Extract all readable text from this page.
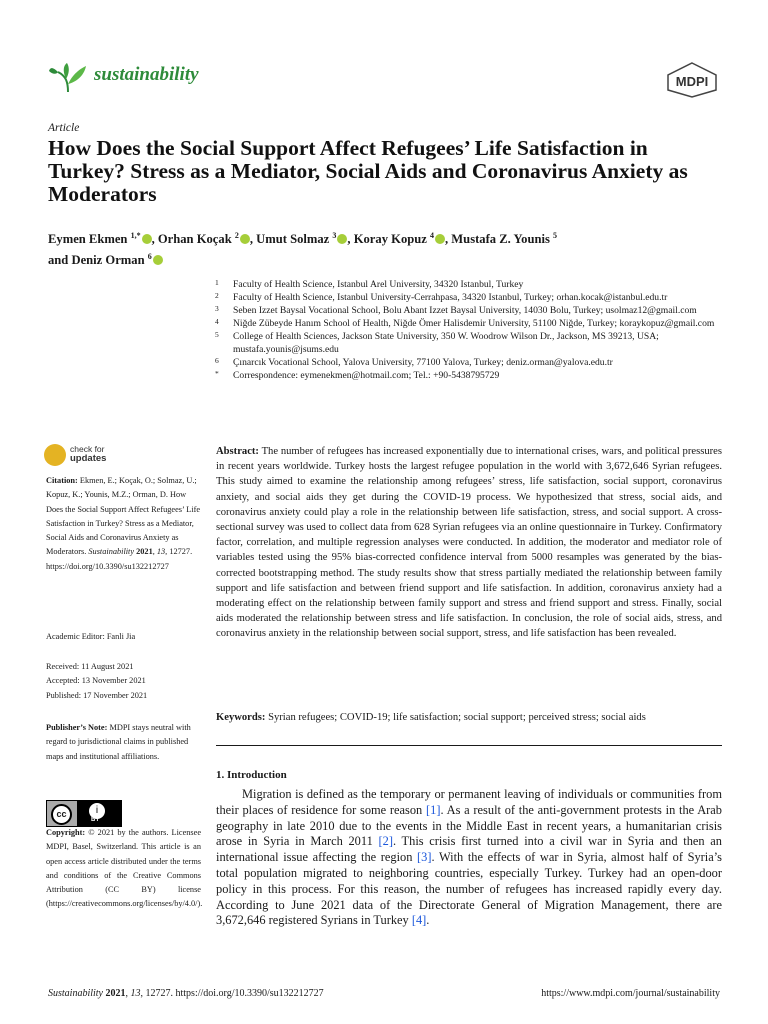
sustainability	MDPI
Article
How Does the Social Support Affect Refugees’ Life Satisfaction in Turkey? Stress as a Mediator, Social Aids and Coronavirus Anxiety as Moderators
Eymen Ekmen $^{1,*}$ , Orhan Koçak $^2$ , Umut Solmaz $^3$ , Koray Kopuz $^4$ , Mustafa Z. Younis $^5$
and Deniz Orman $^6$
1 Faculty of Health Science, Istanbul Arel University, 34320 Istanbul, Turkey
2 Faculty of Health Science, Istanbul University-Cerrahpasa, 34320 Istanbul, Turkey; orhan.kocak@istanbul.edu.tr
3 Seben Izzet Baysal Vocational School, Bolu Abant Izzet Baysal University, 14030 Bolu, Turkey; usolmaz12@gmail.com
4 Niğde Zübeyde Hanım School of Health, Niğde Ömer Halisdemir University, 51100 Niğde, Turkey; koraykopuz@gmail.com
5 College of Health Sciences, Jackson State University, 350 W. Woodrow Wilson Dr., Jackson, MS 39213, USA; mustafa.younis@jsums.edu
6 Çınarcık Vocational School, Yalova University, 77100 Yalova, Turkey; deniz.orman@yalova.edu.tr
* Correspondence: eymenekmen@hotmail.com; Tel.: +90-5438795729
check for
updates

Citation: Ekmen, E.; Koçak, O.; Solmaz, U.; Kopuz, K.; Younis, M.Z.; Orman, D. How Does the Social Support Affect Refugees’ Life Satisfaction in Turkey? Stress as a Mediator, Social Aids and Coronavirus Anxiety as Moderators. Sustainability 2021, 13, 12727. https://doi.org/10.3390/su132212727

Academic Editor: Fanli Jia

Received: 11 August 2021

Accepted: 13 November 2021

Published: 17 November 2021

Publisher’s Note: MDPI stays neutral with regard to jurisdictional claims in published maps and institutional affiliations.

cc	i
BY

Copyright: © 2021 by the authors. Licensee MDPI, Basel, Switzerland. This article is an open access article distributed under the terms and conditions of the Creative Commons Attribution (CC BY) license (https://creativecommons.org/licenses/by/4.0/).

Abstract: The number of refugees has increased exponentially due to international crises, wars, and political pressures in recent years worldwide. Turkey hosts the largest refugee population in the world with 3,672,646 Syrian refugees. This study aimed to examine the relationship among refugees’ stress, life satisfaction, social support, coronavirus anxiety, and social aids they get during the COVID-19 process. We hypothesized that stress, social aids, and coronavirus anxiety could play a role in the relationship between life satisfaction, stress, and social support. A cross-sectional survey was used to collect data from 628 Syrian refugees via an online questionnaire in Turkey. Confirmatory factor, correlation, and multiple regression analyses were conducted. In addition, the moderator and mediator role of variables tested using the 95% bias-corrected confidence interval from 5000 resamples was generated by the bias-corrected bootstrapping method. The study results show that stress partially mediated the relationship between family support and life satisfaction and between friend support and life satisfaction. In addition, coronavirus anxiety had a moderating effect on the relationship between family support and stress and friend support and stress. Finally, social aids moderated the relationship between stress and life satisfaction. In conclusion, the role of social aids, stress, and coronavirus anxiety in the relationship between social support, stress, and life satisfaction has been revealed.

Keywords: Syrian refugees; COVID-19; life satisfaction; social support; perceived stress; social aids

1. Introduction

Migration is defined as the temporary or permanent leaving of individuals or communities from their places of residence for some reason [1]. As a result of the anti-government protests in the Arab geography in late 2010 due to the events in the Middle East in recent years, a humanitarian crisis arose in Syria in March 2011 [2]. This crisis first turned into a civil war in Syria and then an international issue affecting the region [3]. With the effects of war in Syria, almost half of Syria’s total population migrated to neighboring countries, especially Turkey. Turkey had an open-door policy in this process. For this reason, the number of refugees has increased rapidly every day. According to June 2021 data of the Directorate General of Migration Management, there are 3,672,646 registered Syrians in Turkey [4].

Sustainability 2021, 13, 12727. https://doi.org/10.3390/su132212727	https://www.mdpi.com/journal/sustainability
